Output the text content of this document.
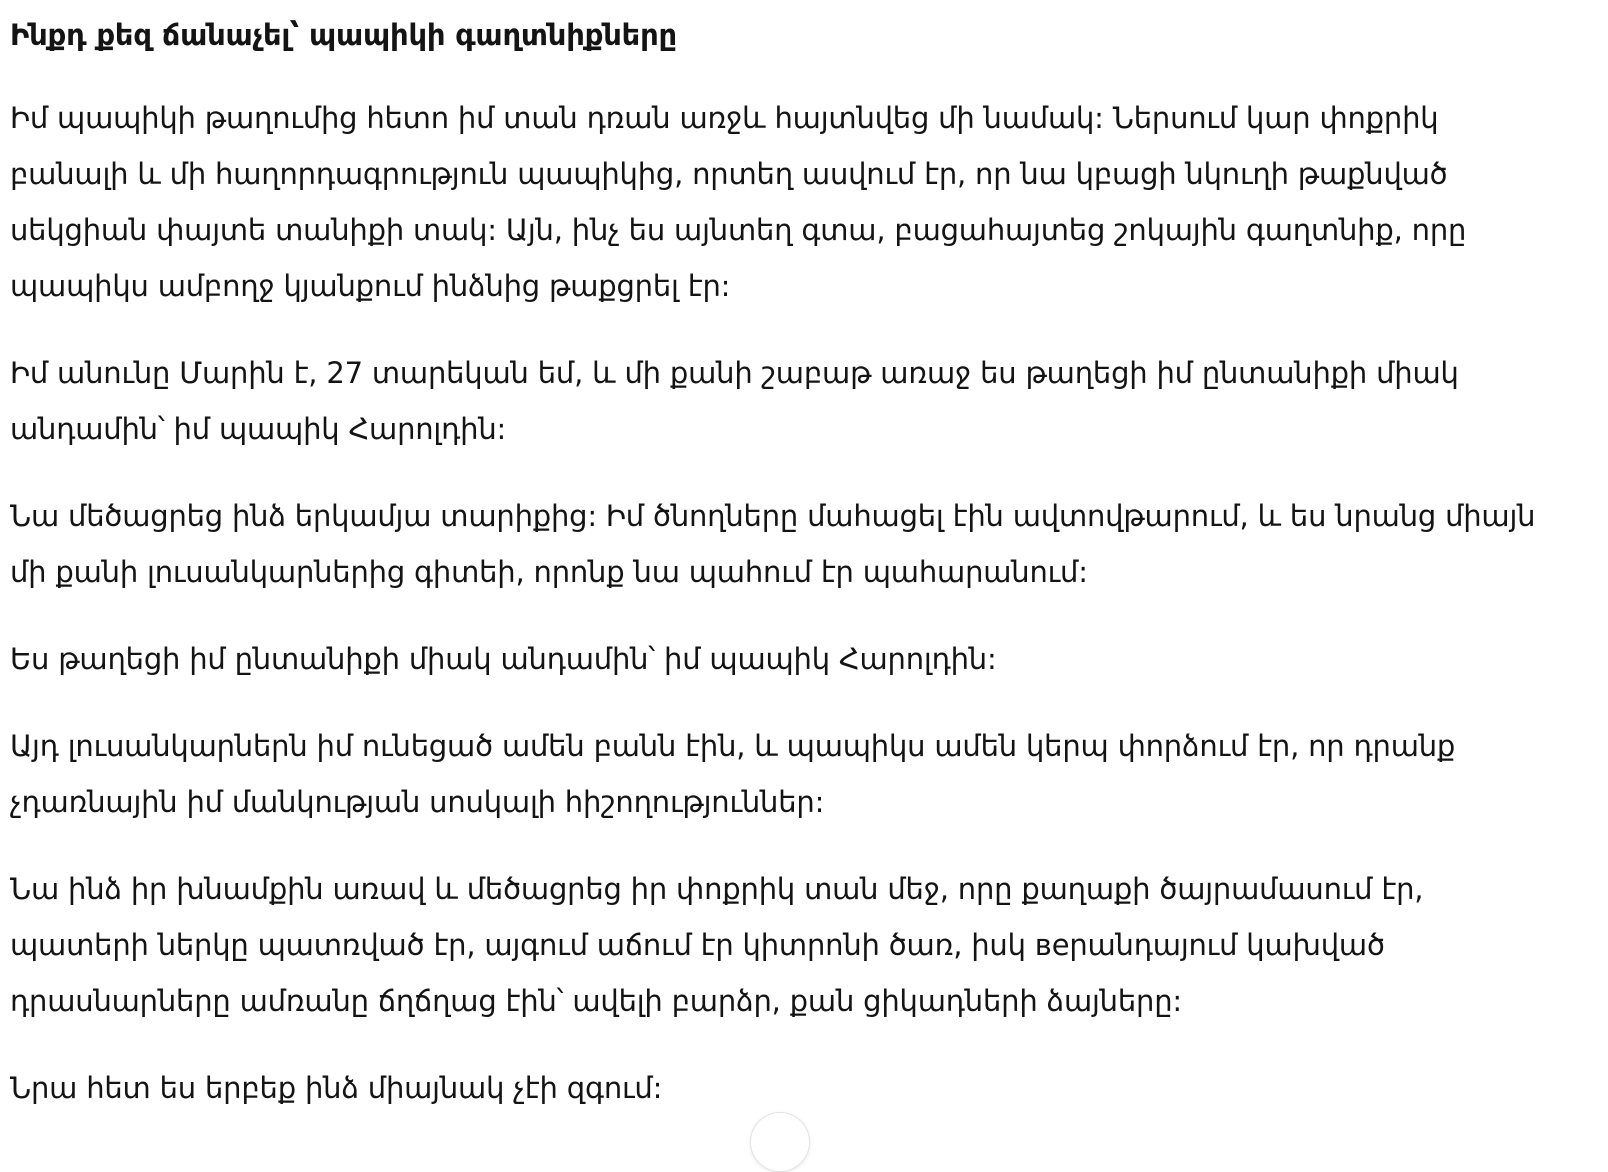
Ինքդ քեզ ճանաչել՝ պապիկի գաղտնիքները

Իմ պապիկի թաղումից հետո իմ տան դռան առջև հայտնվեց մի նամակ: Ներսում կար փոքրիկ
բանալի և մի հաղորդագրություն պապիկից, որտեղ ասվում էր, որ նա կբացի նկուղի թաքնված
սեկցիան փայտե տանիքի տակ: Այն, ինչ ես այնտեղ գտա, բացահայտեց շոկային գաղտնիք, որը
պապիկս ամբողջ կյանքում ինձնից թաքցրել էր:

Իմ անունը Մարին է, 27 տարեկան եմ, և մի քանի շաբաթ առաջ ես թաղեցի իմ ընտանիքի միակ
անդամին՝ իմ պապիկ Հարոլդին:

Նա մեծացրեց ինձ երկամյա տարիքից: Իմ ծնողները մահացել էին ավտովթարում, և ես նրանց միայն
մի քանի լուսանկարներից գիտեի, որոնք նա պահում էր պահարանում:

Ես թաղեցի իմ ընտանիքի միակ անդամին՝ իմ պապիկ Հարոլդին:

Այդ լուսանկարներն իմ ունեցած ամեն բանն էին, և պապիկս ամեն կերպ փորձում էր, որ դրանք
չդառնային իմ մանկության սոսկալի հիշողություններ:

Նա ինձ իր խնամքին առավ և մեծացրեց իր փոքրիկ տան մեջ, որը քաղաքի ծայրամասում էր,
պատերի ներկը պատռված էր, այգում աճում էր կիտրոնի ծառ, իսկ вeրանդայում կախված
դրասնարները ամռանը ճղճղաց էին՝ ավելի բարձր, քան ցիկադների ձայները:

Նրա հետ ես երբեք ինձ միայնակ չէի զգում:
